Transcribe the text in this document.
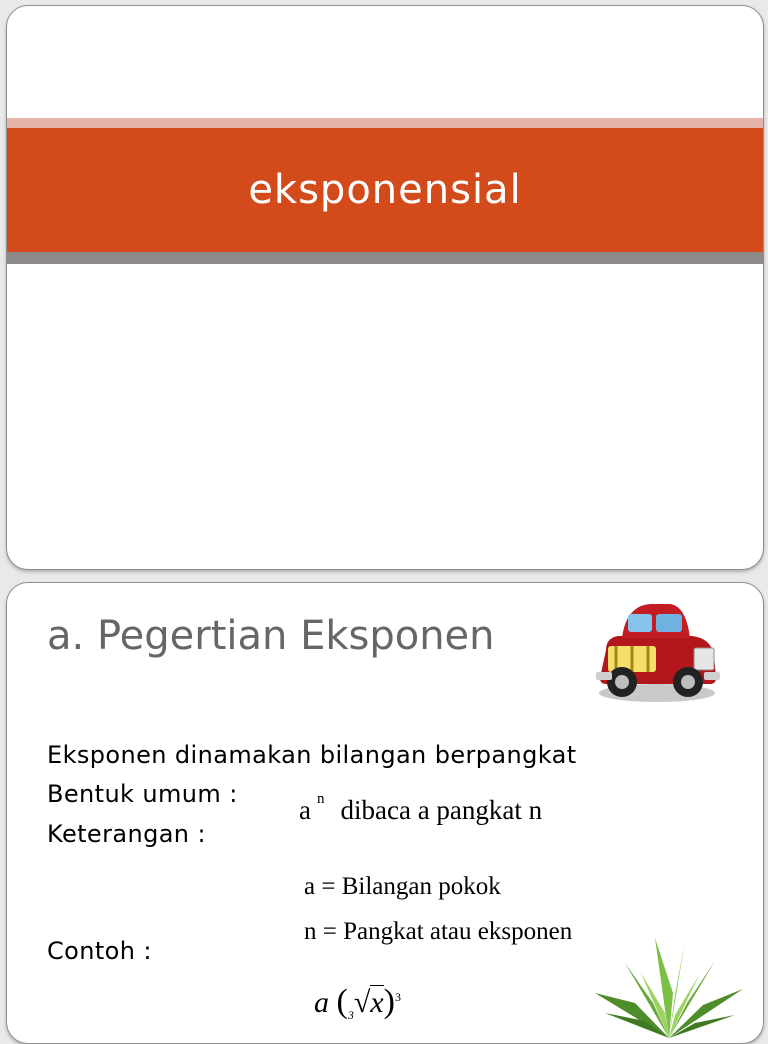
eksponensial
a. Pegertian Eksponen
Eksponen dinamakan bilangan berpangkat
Bentuk umum :
Keterangan :
Contoh :
a $^n$ dibaca a pangkat n
a = Bilangan pokok
n = Pangkat atau eksponen
a $(_3√x)^3$
